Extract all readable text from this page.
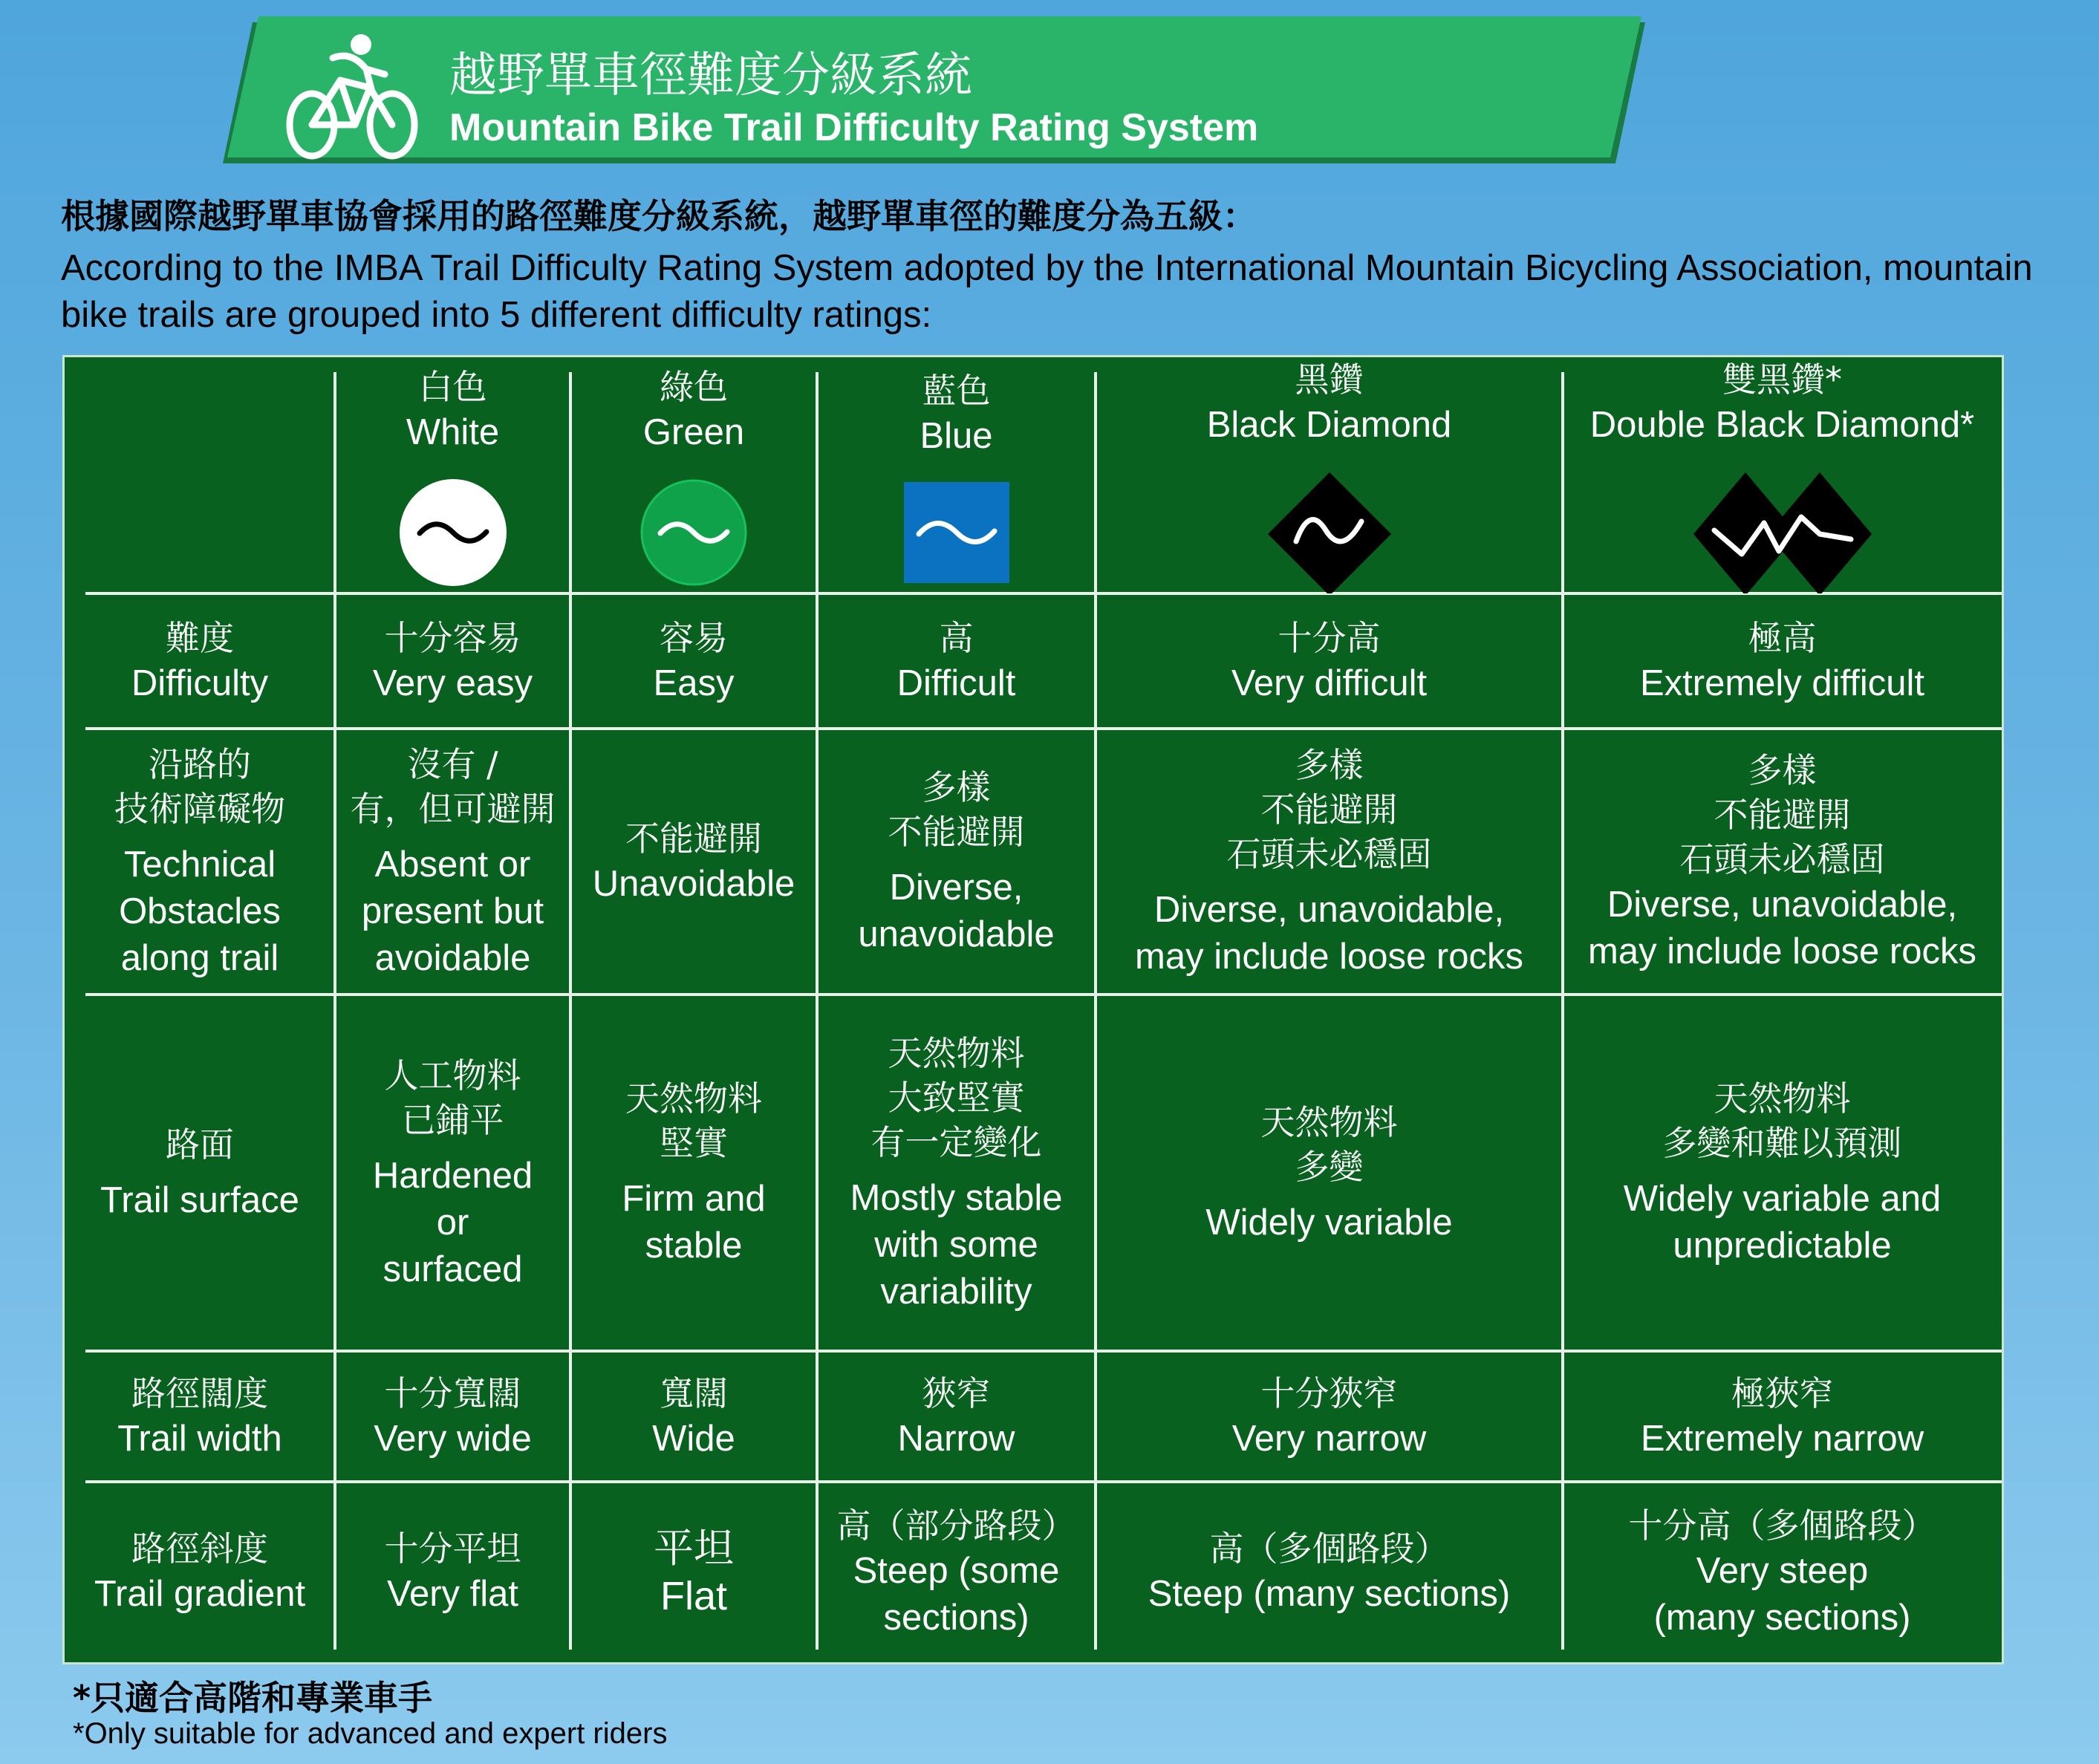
越野單車徑難度分級系統
Mountain Bike Trail Difficulty Rating System
根據國際越野單車協會採用的路徑難度分級系統，越野單車徑的難度分為五級：
According to the IMBA Trail Difficulty Rating System adopted by the International Mountain Bicycling Association, mountain bike trails are grouped into 5 different difficulty ratings:
白色
White
綠色
Green
藍色
Blue
黑鑽
Black Diamond
雙黑鑽*
Double Black Diamond*
難度
Difficulty
十分容易
Very easy
容易
Easy
高
Difficult
十分高
Very difficult
極高
Extremely difficult
沿路的
技術障礙物
Technical
Obstacles
along trail
沒有 /
有，但可避開
Absent or
present but
avoidable
不能避開
Unavoidable
多樣
不能避開
Diverse,
unavoidable
多樣
不能避開
石頭未必穩固
Diverse, unavoidable,
may include loose rocks
多樣
不能避開
石頭未必穩固
Diverse, unavoidable,
may include loose rocks
路面
Trail surface
人工物料
已鋪平
Hardened
or
surfaced
天然物料
堅實
Firm and
stable
天然物料
大致堅實
有一定變化
Mostly stable
with some
variability
天然物料
多變
Widely variable
天然物料
多變和難以預測
Widely variable and
unpredictable
路徑闊度
Trail width
十分寬闊
Very wide
寬闊
Wide
狹窄
Narrow
十分狹窄
Very narrow
極狹窄
Extremely narrow
路徑斜度
Trail gradient
十分平坦
Very flat
平坦
Flat
高（部分路段）
Steep (some
sections)
高（多個路段）
Steep (many sections)
十分高（多個路段）
Very steep
(many sections)
*只適合高階和專業車手
*Only suitable for advanced and expert riders
